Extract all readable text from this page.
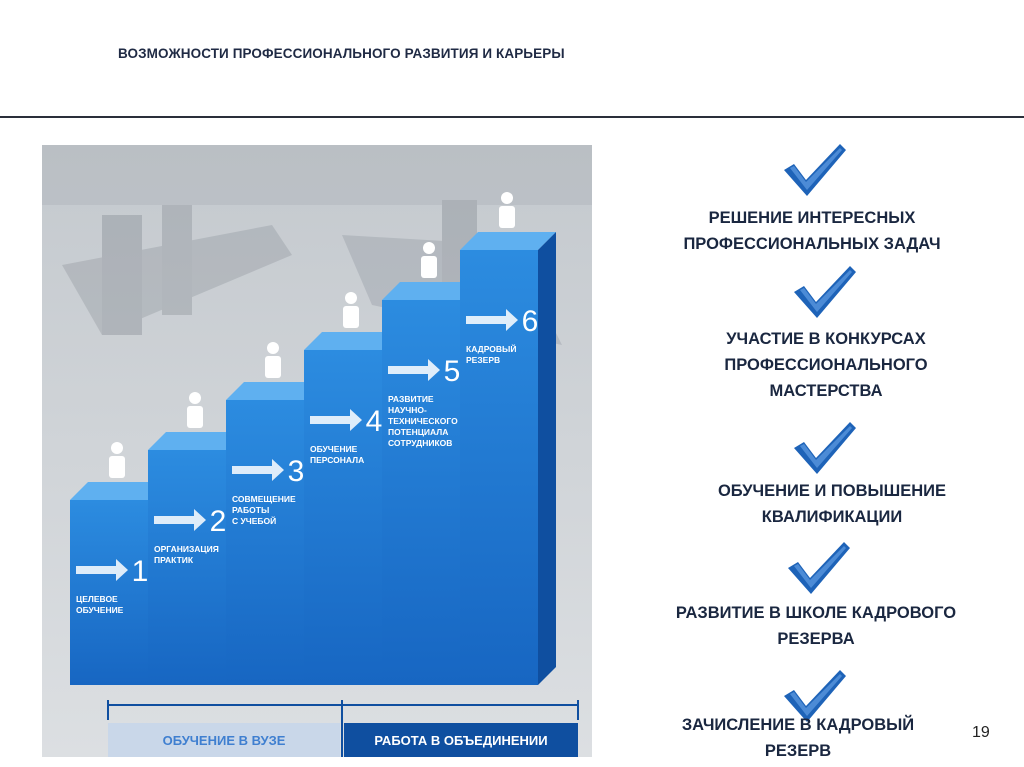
ВОЗМОЖНОСТИ ПРОФЕССИОНАЛЬНОГО РАЗВИТИЯ И КАРЬЕРЫ
1
ЦЕЛЕВОЕ
ОБУЧЕНИЕ
2
ОРГАНИЗАЦИЯ
ПРАКТИК
3
СОВМЕЩЕНИЕ
РАБОТЫ
С УЧЕБОЙ
4
ОБУЧЕНИЕ
ПЕРСОНАЛА
5
РАЗВИТИЕ
НАУЧНО-
ТЕХНИЧЕСКОГО
ПОТЕНЦИАЛА
СОТРУДНИКОВ
6
КАДРОВЫЙ
РЕЗЕРВ
ОБУЧЕНИЕ В ВУЗЕ	РАБОТА В ОБЪЕДИНЕНИИ	19
РЕШЕНИЕ ИНТЕРЕСНЫХ
ПРОФЕССИОНАЛЬНЫХ ЗАДАЧ
УЧАСТИЕ В КОНКУРСАХ
ПРОФЕССИОНАЛЬНОГО
МАСТЕРСТВА
ОБУЧЕНИЕ И ПОВЫШЕНИЕ
КВАЛИФИКАЦИИ
РАЗВИТИЕ В ШКОЛЕ КАДРОВОГО
РЕЗЕРВА
ЗАЧИСЛЕНИЕ В КАДРОВЫЙ
РЕЗЕРВ
